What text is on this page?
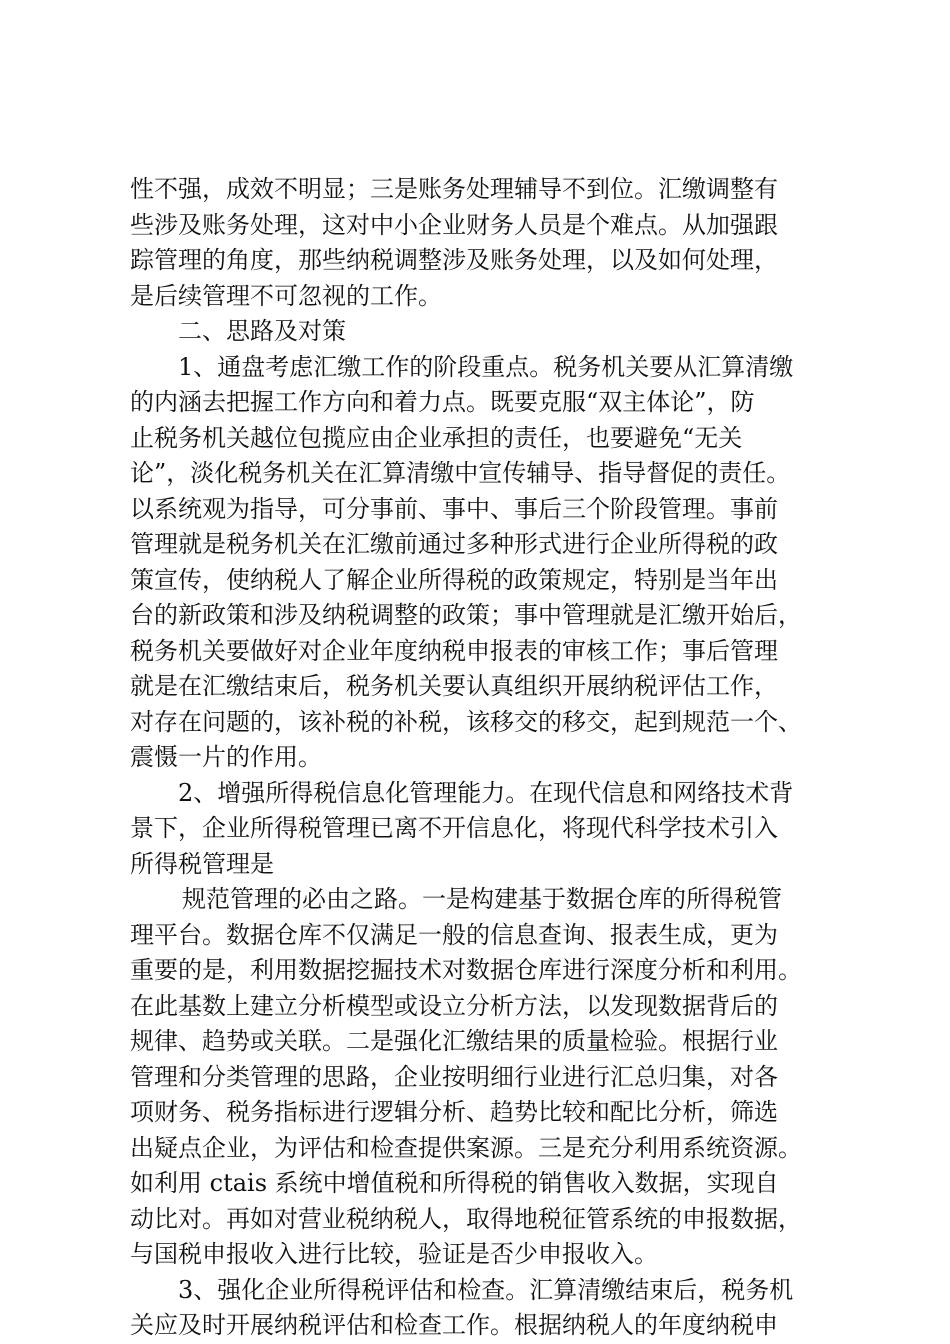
性不强，成效不明显；三是账务处理辅导不到位。汇缴调整有
些涉及账务处理，这对中小企业财务人员是个难点。从加强跟
踪管理的角度，那些纳税调整涉及账务处理，以及如何处理，
是后续管理不可忽视的工作。
二、思路及对策
1、通盘考虑汇缴工作的阶段重点。税务机关要从汇算清缴
的内涵去把握工作方向和着力点。既要克服“双主体论”，防
止税务机关越位包揽应由企业承担的责任，也要避免“无关
论”，淡化税务机关在汇算清缴中宣传辅导、指导督促的责任。
以系统观为指导，可分事前、事中、事后三个阶段管理。事前
管理就是税务机关在汇缴前通过多种形式进行企业所得税的政
策宣传，使纳税人了解企业所得税的政策规定，特别是当年出
台的新政策和涉及纳税调整的政策；事中管理就是汇缴开始后，
税务机关要做好对企业年度纳税申报表的审核工作；事后管理
就是在汇缴结束后，税务机关要认真组织开展纳税评估工作，
对存在问题的，该补税的补税，该移交的移交，起到规范一个、
震慑一片的作用。
2、增强所得税信息化管理能力。在现代信息和网络技术背
景下，企业所得税管理已离不开信息化，将现代科学技术引入
所得税管理是
规范管理的必由之路。一是构建基于数据仓库的所得税管
理平台。数据仓库不仅满足一般的信息查询、报表生成，更为
重要的是，利用数据挖掘技术对数据仓库进行深度分析和利用。
在此基数上建立分析模型或设立分析方法，以发现数据背后的
规律、趋势或关联。二是强化汇缴结果的质量检验。根据行业
管理和分类管理的思路，企业按明细行业进行汇总归集，对各
项财务、税务指标进行逻辑分析、趋势比较和配比分析，筛选
出疑点企业，为评估和检查提供案源。三是充分利用系统资源。
如利用 ctais 系统中增值税和所得税的销售收入数据，实现自
动比对。再如对营业税纳税人，取得地税征管系统的申报数据，
与国税申报收入进行比较，验证是否少申报收入。
3、强化企业所得税评估和检查。汇算清缴结束后，税务机
关应及时开展纳税评估和检查工作。根据纳税人的年度纳税申
